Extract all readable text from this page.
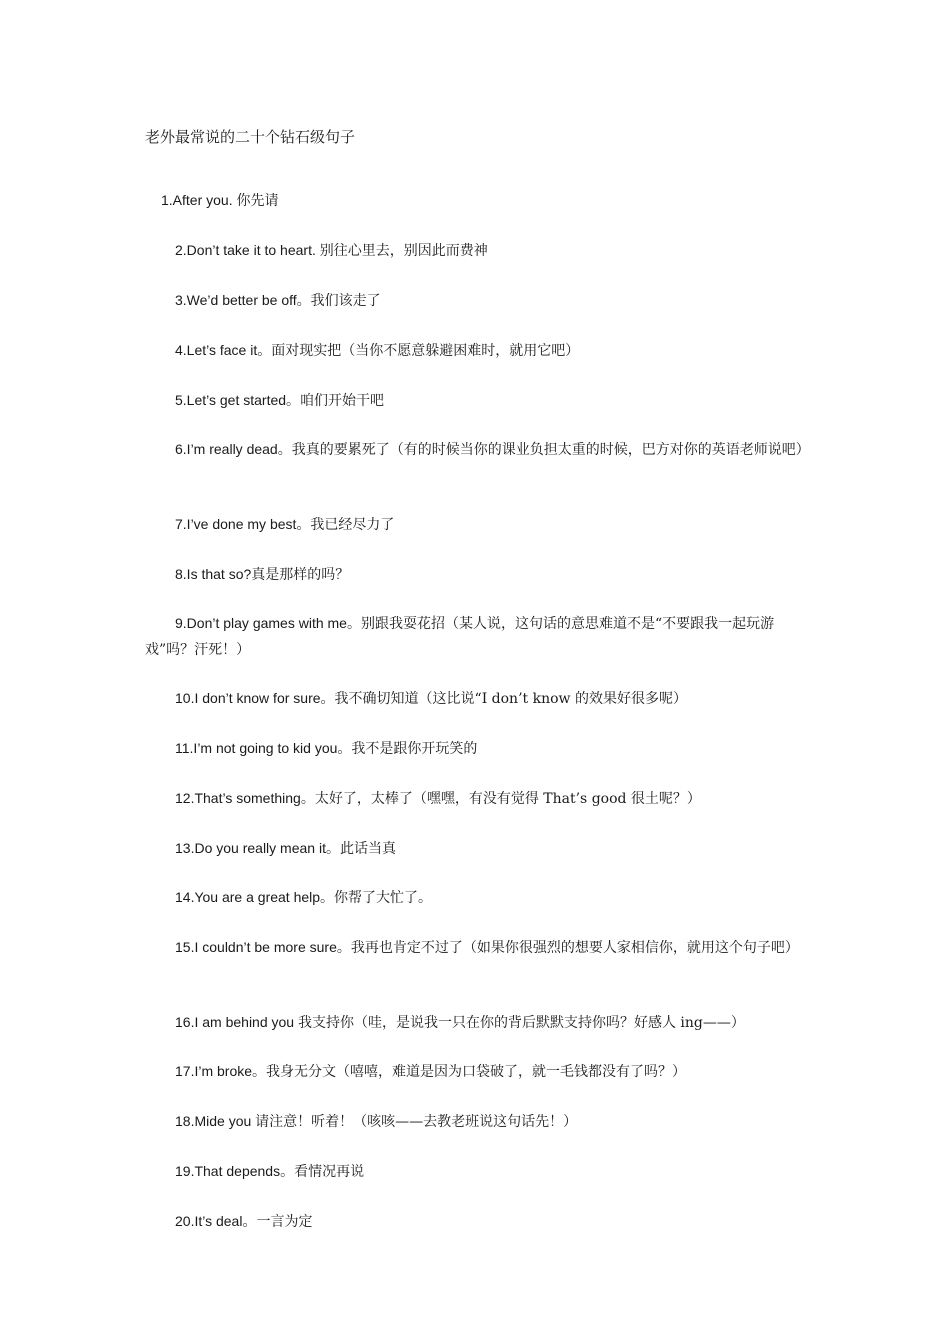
老外最常说的二十个钻石级句子

1.After you. 你先请

2.Don’t take it to heart. 别往心里去，别因此而费神

3.We’d better be off。我们该走了

4.Let’s face it。面对现实把（当你不愿意躲避困难时，就用它吧）

5.Let’s get started。咱们开始干吧

6.I’m really dead。我真的要累死了（有的时候当你的课业负担太重的时候，巴方对你的英语老师说吧）

7.I’ve done my best。我已经尽力了

8.Is that so?真是那样的吗？

9.Don’t play games with me。别跟我耍花招（某人说，这句话的意思难道不是“不要跟我一起玩游戏”吗？汗死！）

10.I don’t know for sure。我不确切知道（这比说“I don’t know 的效果好很多呢）

11.I’m not going to kid you。我不是跟你开玩笑的

12.That’s something。太好了，太棒了（嘿嘿，有没有觉得 That’s good 很土呢？）

13.Do you really mean it。此话当真

14.You are a great help。你帮了大忙了。

15.I couldn’t be more sure。我再也肯定不过了（如果你很强烈的想要人家相信你，就用这个句子吧）

16.I am behind you 我支持你（哇，是说我一只在你的背后默默支持你吗？好感人 ing——）

17.I’m broke。我身无分文（嘻嘻，难道是因为口袋破了，就一毛钱都没有了吗？）

18.Mide you 请注意！听着！（咳咳——去教老班说这句话先！）

19.That depends。看情况再说

20.It’s deal。一言为定
